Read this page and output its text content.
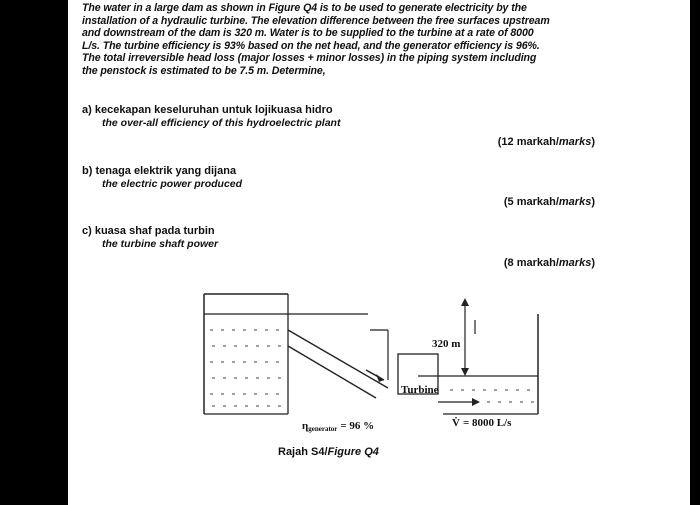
The water in a large dam as shown in Figure Q4 is to be used to generate electricity by the
installation of a hydraulic turbine. The elevation difference between the free surfaces upstream
and downstream of the dam is 320 m. Water is to be supplied to the turbine at a rate of 8000
L/s. The turbine efficiency is 93% based on the net head, and the generator efficiency is 96%.
The total irreversible head loss (major losses + minor losses) in the piping system including
the penstock is estimated to be 7.5 m. Determine,
a) kecekapan keseluruhan untuk lojikuasa hidro
the over-all efficiency of this hydroelectric plant
(12 markah/marks)
b) tenaga elektrik yang dijana
the electric power produced
(5 markah/marks)
c) kuasa shaf pada turbin
the turbine shaft power
(8 markah/marks)
320 m
Turbine
ηgenerator = 96 %	V̇ = 8000 L/s
Rajah S4/Figure Q4
